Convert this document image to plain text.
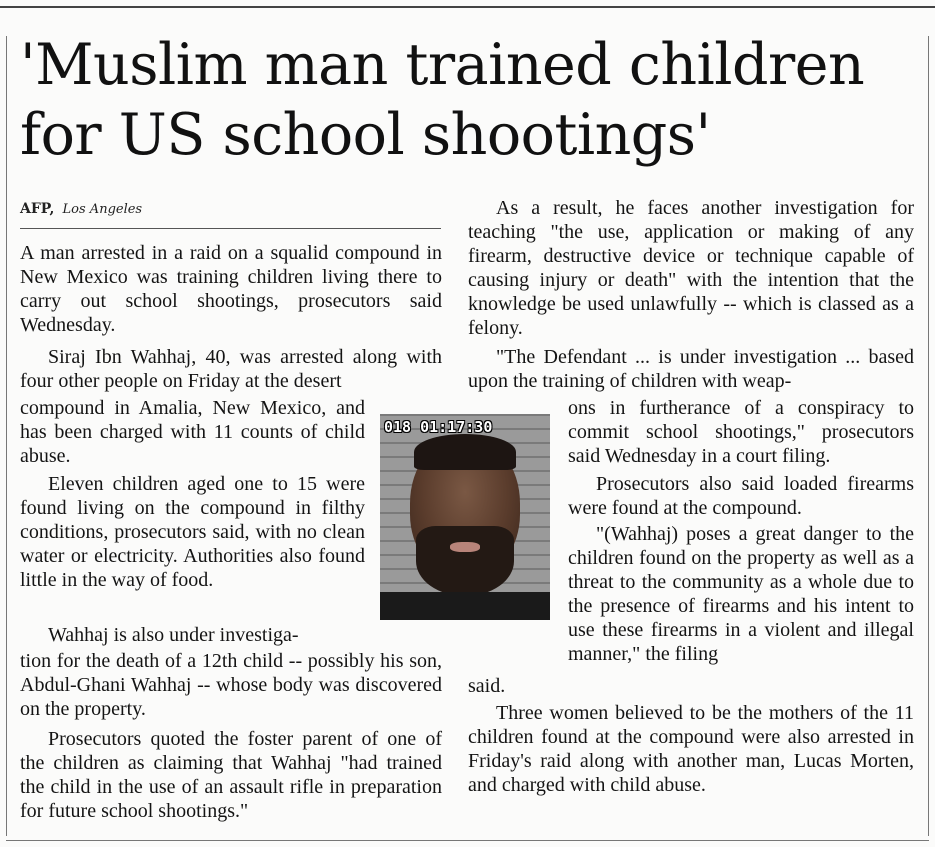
'Muslim man trained children
for US school shootings'
AFP, Los Angeles

A man arrested in a raid on a squalid compound in New Mexico was training children living there to carry out school shootings, prosecutors said Wednesday.

Siraj Ibn Wahhaj, 40, was arrested along with four other people on Friday at the desert

compound in Amalia, New Mexico, and has been charged with 11 counts of child abuse.

Eleven children aged one to 15 were found living on the compound in filthy conditions, prosecutors said, with no clean water or electricity. Authorities also found little in the way of food.

Wahhaj is also under investiga-

tion for the death of a 12th child -- possibly his son, Abdul-Ghani Wahhaj -- whose body was discovered on the property.

Prosecutors quoted the foster parent of one of the children as claiming that Wahhaj "had trained the child in the use of an assault rifle in preparation for future school shootings."

018 01:17:30

As a result, he faces another investigation for teaching "the use, application or making of any firearm, destructive device or technique capable of causing injury or death" with the intention that the knowledge be used unlawfully -- which is classed as a felony.

"The Defendant ... is under investigation ... based upon the training of children with weap-

ons in furtherance of a conspiracy to commit school shootings," prosecutors said Wednesday in a court filing.

Prosecutors also said loaded firearms were found at the compound.

"(Wahhaj) poses a great danger to the children found on the property as well as a threat to the community as a whole due to the presence of firearms and his intent to use these firearms in a violent and illegal manner," the filing

said.

Three women believed to be the mothers of the 11 children found at the compound were also arrested in Friday's raid along with another man, Lucas Morten, and charged with child abuse.
